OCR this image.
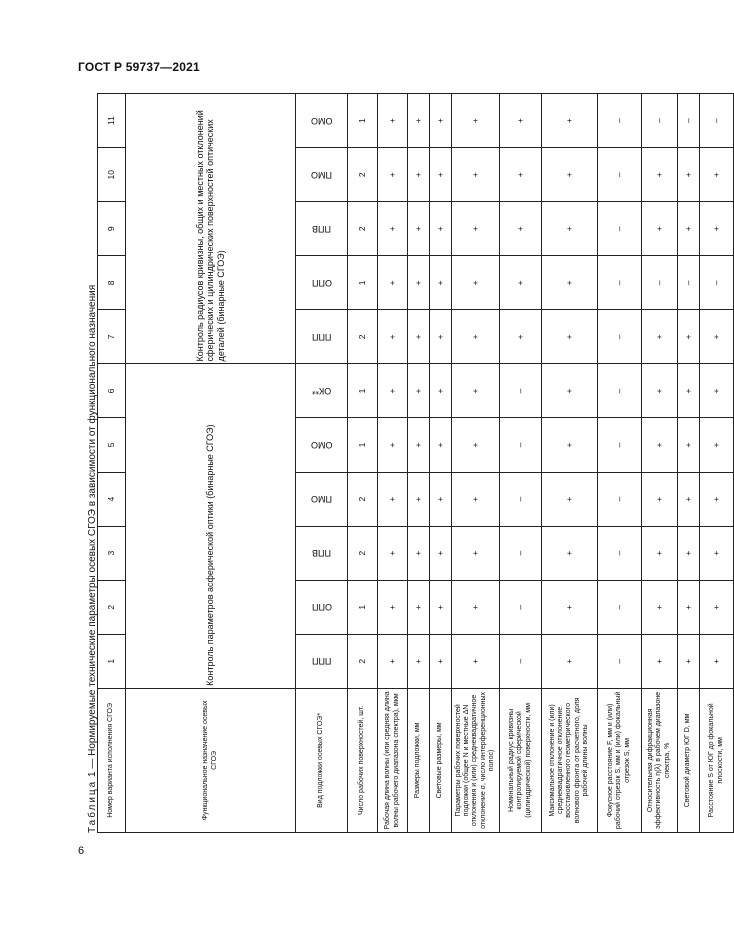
ГОСТ Р 59737—2021
Таблица 1 — Нормируемые технические параметры осевых СГОЭ в зависимости от функционального назначения Номер варианта исполнения СГОЭ	1	2	3	4	5	6	7	8	9	10	11
Функциональное назначение осевых СГОЭ	Контроль параметров асферической оптики (бинарные СГОЭ)						Контроль радиусов кривизны, общих и местных отклонений сферических и цилиндрических поверхностей оптических деталей (бинарные СГОЭ)				
Вид подложки осевых СГОЭ*	ППП	ОПП	ППВ	ПМО	ОМО	ОК**	ППП	ОПП	ППВ	ПМО	ОМО

Число рабочих поверхностей, шт.	2	1	2	2	1	1	2	1	2	2	1
Рабочая длина волны (или средняя длина волны рабочего диапазона спектра), мкм	+	+	+	+	+	+	+	+	+	+	+
Размеры подложки, мм	+	+	+	+	+	+	+	+	+	+	+
Световые размеры, мм	+	+	+	+	+	+	+	+	+	+	+
Параметры рабочих поверхностей подложки (общее N и местные ΔN отклонения и (или) среднеквадратичное отклонение σ, число интерференционных полос)	+	+	+	+	+	+	+	+	+	+	+
Номинальный радиус кривизны контролируемой сферической (цилиндрической) поверхности, мм	–	–	–	–	–	–	+	+	+	+	+
Максимальное отклонение и (или) среднеквадратичное отклонение восстановленного геометрического волнового фронта от расчетного, доля рабочей длины волны	+	+	+	+	+	+	+	+	+	+	+
Фокусное расстояние F, мм и (или) рабочий отрезок S, мм и (или) фокальный отрезок S, мм	–	–	–	–	–	–	–	–	–	–	–
Относительная дифракционная эффективность η(λ) в рабочем диапазоне спектра, %	+	+	+	+	+	+	+	–	+	+	–
Световой диаметр ЮГ D, мм	+	+	+	+	+	+	+	–	+	+	–
Расстояние S от ЮГ до фокальной плоскости, мм	+	+	+	+	+	+	+	–	+	+	–
6
